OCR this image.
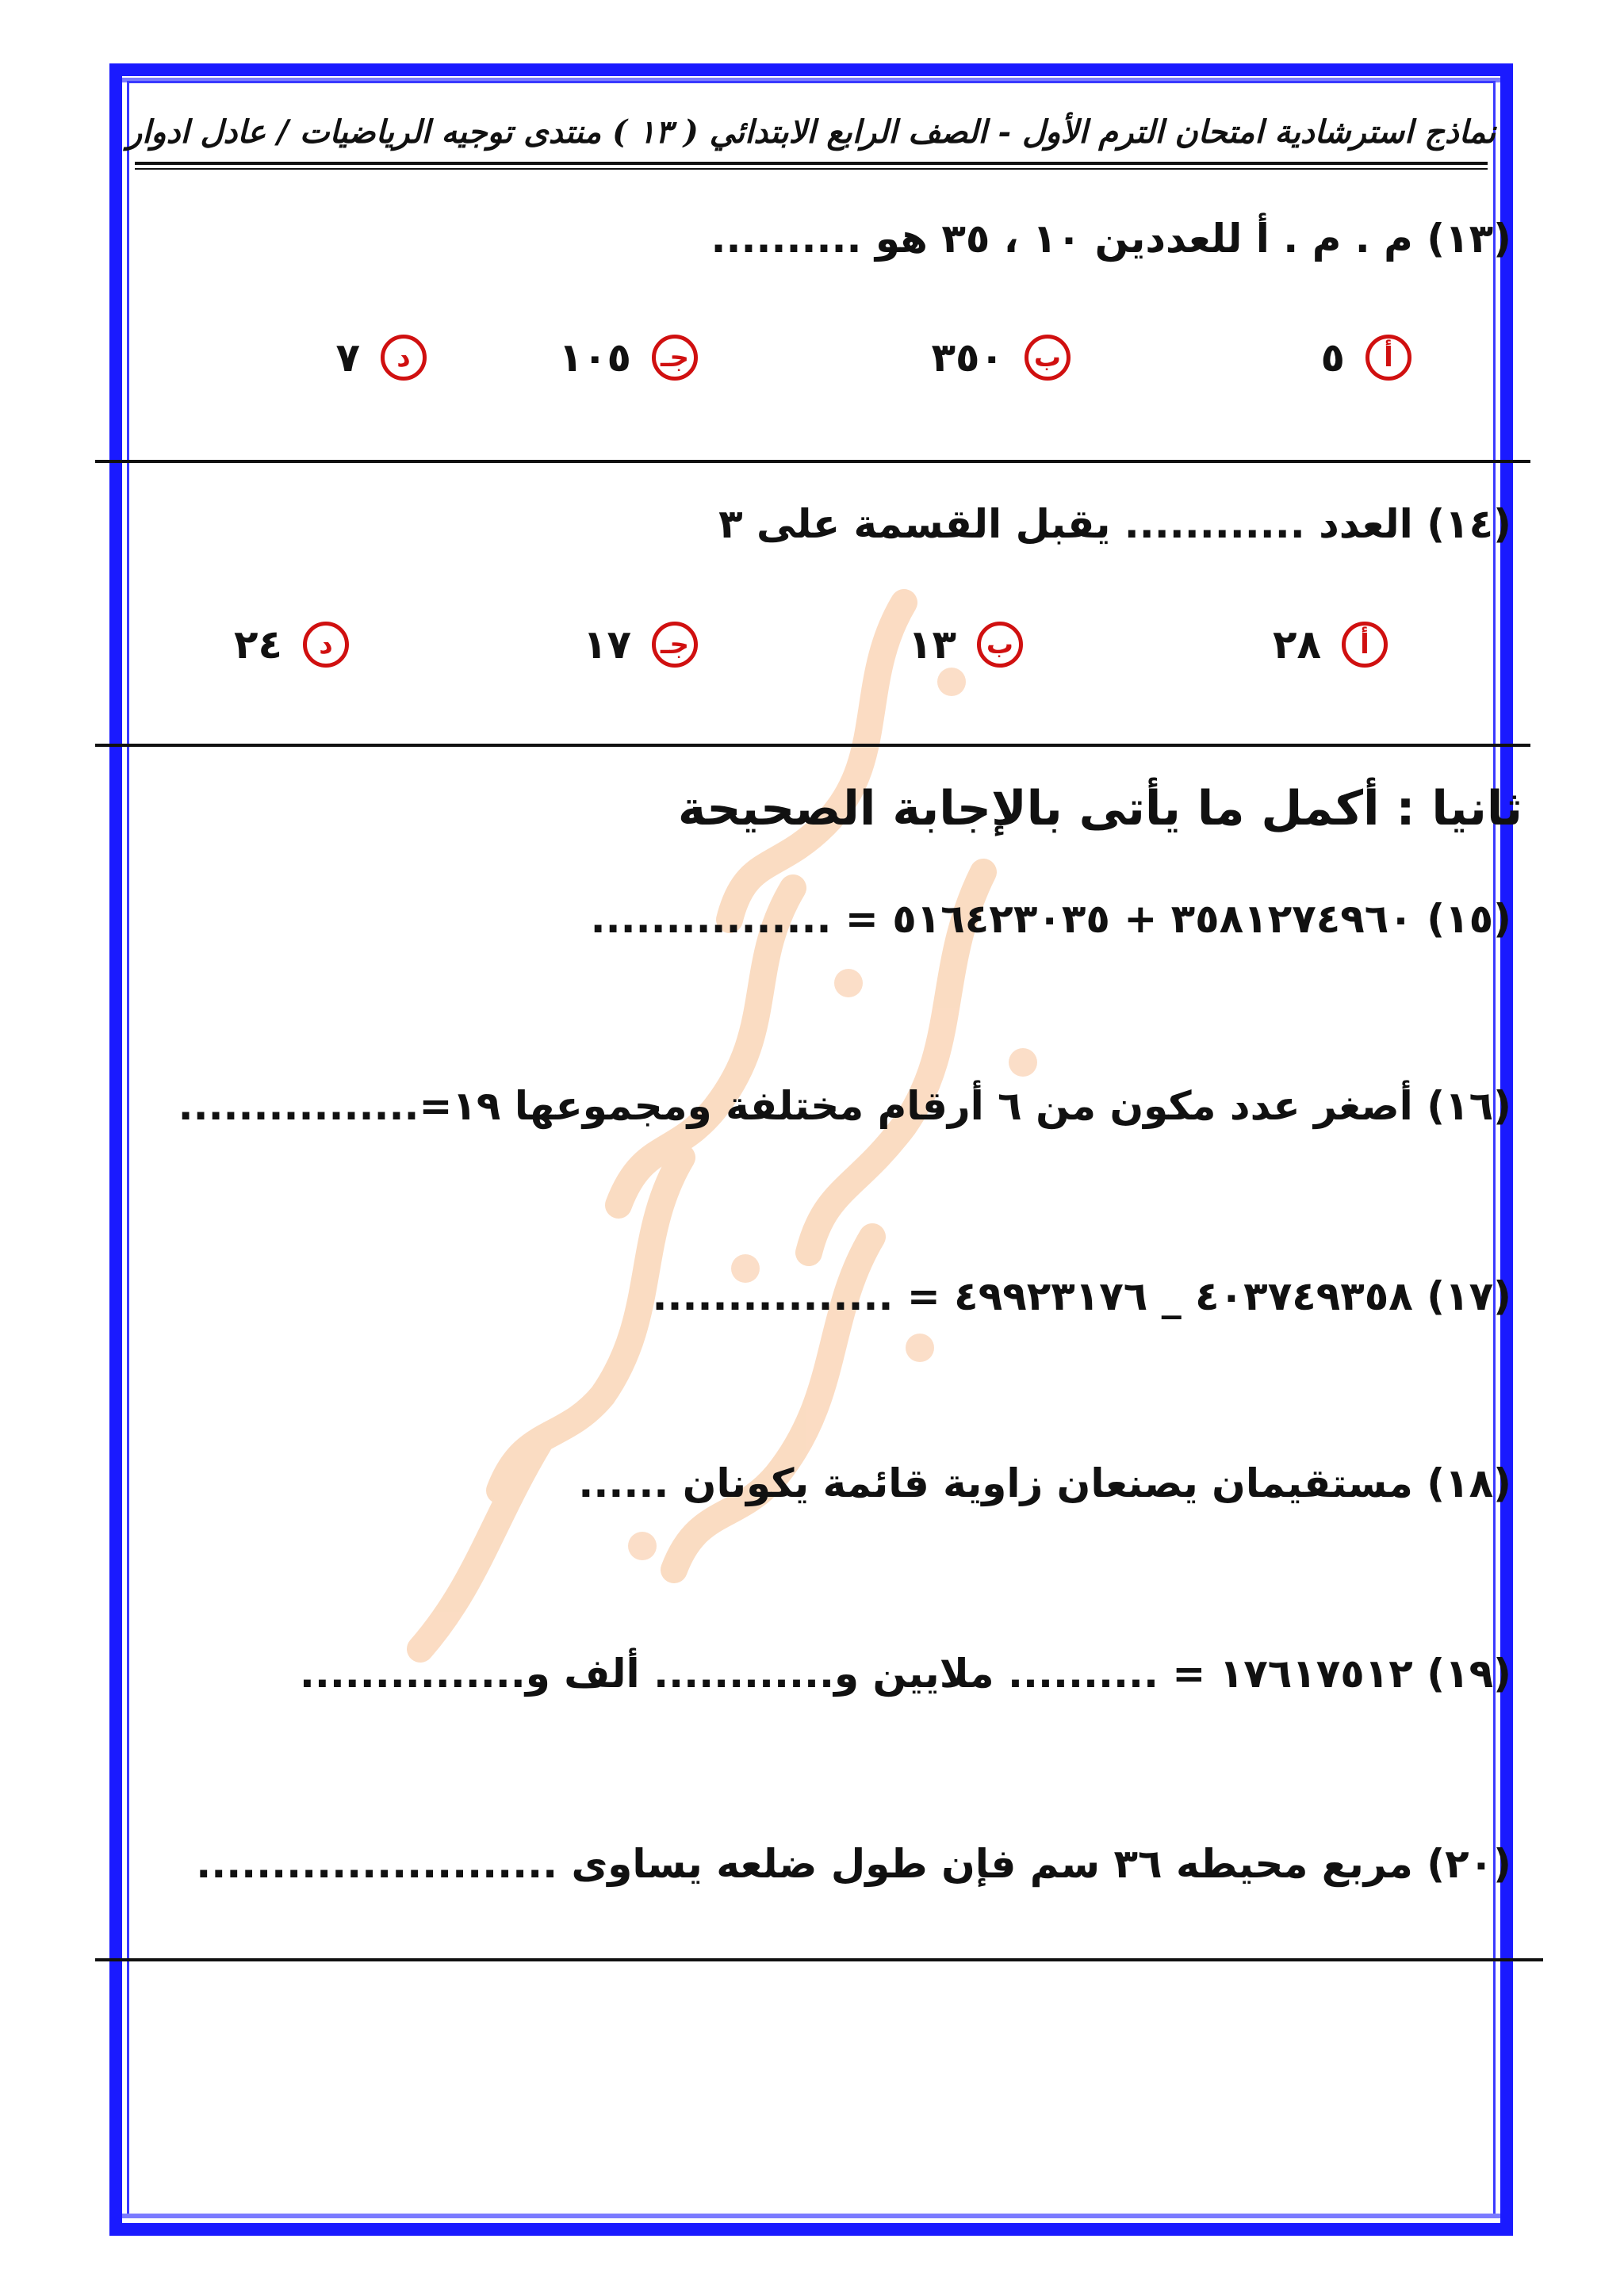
نماذج استرشادية امتحان الترم الأول - الصف الرابع الابتدائي ( ١٣ ) منتدى توجيه الرياضيات / عادل ادوار
(١٣) م . م . أ للعددين ١٠ ، ٣٥ هو ..........
أ
٥
ب
٣٥٠
جـ
١٠٥
د
٧
(١٤) العدد ............ يقبل القسمة على ٣
أ
٢٨
ب
١٣
جـ
١٧
د
٢٤
ثانيا : أكمل ما يأتى بالإجابة الصحيحة
(١٥) ٣٥٨١٢٧٤٩٦٠ + ٥١٦٤٢٣٠٣٥ = ................
(١٦) أصغر عدد مكون من ٦ أرقام مختلفة ومجموعها ١٩=................
(١٧) ٤٠٣٧٤٩٣٥٨ _ ٤٩٩٢٣١٧٦ = ................
(١٨) مستقيمان يصنعان زاوية قائمة يكونان ......
(١٩) ١٧٦١٧٥١٢ = .......... ملايين و............ ألف و...............
(٢٠) مربع محيطه ٣٦ سم فإن طول ضلعه يساوى ........................
